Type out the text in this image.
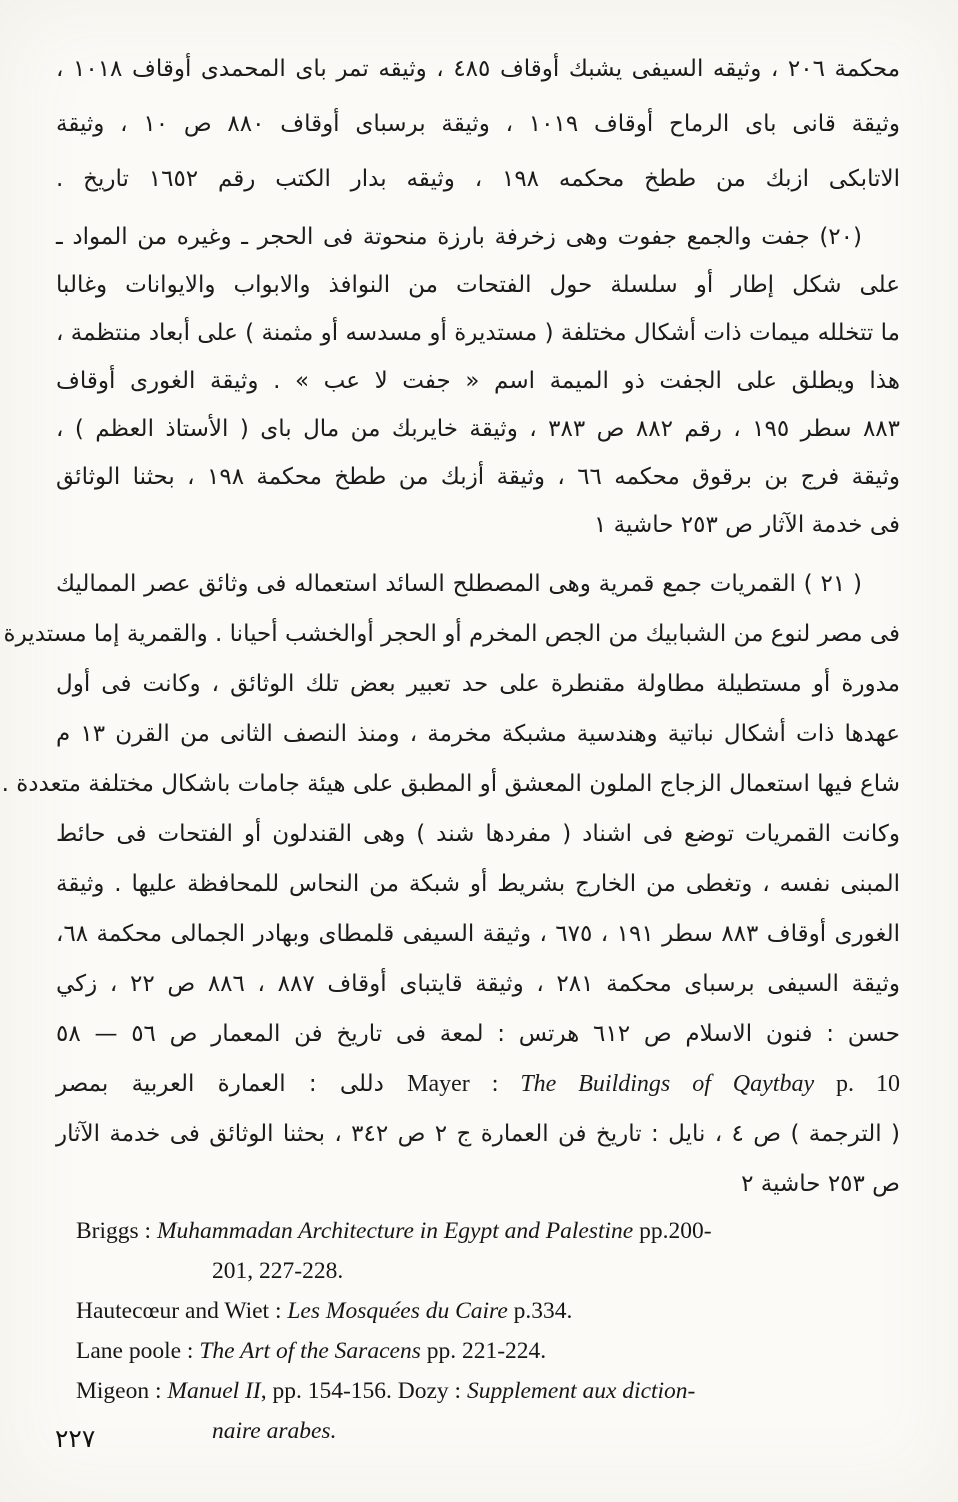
محكمة ٢٠٦ ، وثيقه السيفى يشبك أوقاف ٤٨٥ ، وثيقه تمر باى المحمدى أوقاف ١٠١٨ ،
وثيقة قانى باى الرماح أوقاف ١٠١٩ ، وثيقة برسباى أوقاف ٨٨٠ ص ١٠ ، وثيقة
الاتابكى ازبك من ططخ محكمه ١٩٨ ، وثيقه بدار الكتب رقم ١٦٥٢ تاريخ .
(٢٠) جفت والجمع جفوت وهى زخرفة بارزة منحوتة فى الحجر ـ وغيره من المواد ـ
على شكل إطار أو سلسلة حول الفتحات من النوافذ والابواب والايوانات وغالبا
ما تتخلله ميمات ذات أشكال مختلفة ( مستديرة أو مسدسه أو مثمنة ) على أبعاد منتظمة ،
هذا ويطلق على الجفت ذو الميمة اسم « جفت لا عب » . وثيقة الغورى أوقاف
٨٨٣ سطر ١٩٥ ، رقم ٨٨٢ ص ٣٨٣ ، وثيقة خايربك من مال باى ( الأستاذ العظم ) ،
وثيقة فرج بن برقوق محكمه ٦٦ ، وثيقة أزبك من ططخ محكمة ١٩٨ ، بحثنا الوثائق
فى خدمة الآثار ص ٢٥٣ حاشية ١
( ٢١ ) القمريات جمع قمرية وهى المصطلح السائد استعماله فى وثائق عصر المماليك
فى مصر لنوع من الشبابيك من الجص المخرم أو الحجر أوالخشب أحيانا . والقمرية إما مستديرة
مدورة أو مستطيلة مطاولة مقنطرة على حد تعبير بعض تلك الوثائق ، وكانت فى أول
عهدها ذات أشكال نباتية وهندسية مشبكة مخرمة ، ومنذ النصف الثانى من القرن ١٣ م
شاع فيها استعمال الزجاج الملون المعشق أو المطبق على هيئة جامات باشكال مختلفة متعددة .
وكانت القمريات توضع فى اشناد ( مفردها شند ) وهى القندلون أو الفتحات فى حائط
المبنى نفسه ، وتغطى من الخارج بشريط أو شبكة من النحاس للمحافظة عليها . وثيقة
الغورى أوقاف ٨٨٣ سطر ١٩١ ، ٦٧٥ ، وثيقة السيفى قلمطاى وبهادر الجمالى محكمة ٦٨،
وثيقة السيفى برسباى محكمة ٢٨١ ، وثيقة قايتباى أوقاف ٨٨٧ ، ٨٨٦ ص ٢٢ ، زكي
حسن : فنون الاسلام ص ٦١٢ هرتس : لمعة فى تاريخ فن المعمار ص ٥٦ — ٥٨
Mayer : The Buildings of Qaytbay p. 10 دللى : العمارة العربية بمصر
( الترجمة ) ص ٤ ، نايل : تاريخ فن العمارة ج ٢ ص ٣٤٢ ، بحثنا الوثائق فى خدمة الآثار
ص ٢٥٣ حاشية ٢
Briggs : Muhammadan Architecture in Egypt and Palestine pp.200-
201, 227-228.
Hautecœur and Wiet : Les Mosquées du Caire p.334.
Lane poole : The Art of the Saracens pp. 221-224.
Migeon : Manuel II, pp. 154-156. Dozy : Supplement aux diction-
naire arabes.
٢٢٧
